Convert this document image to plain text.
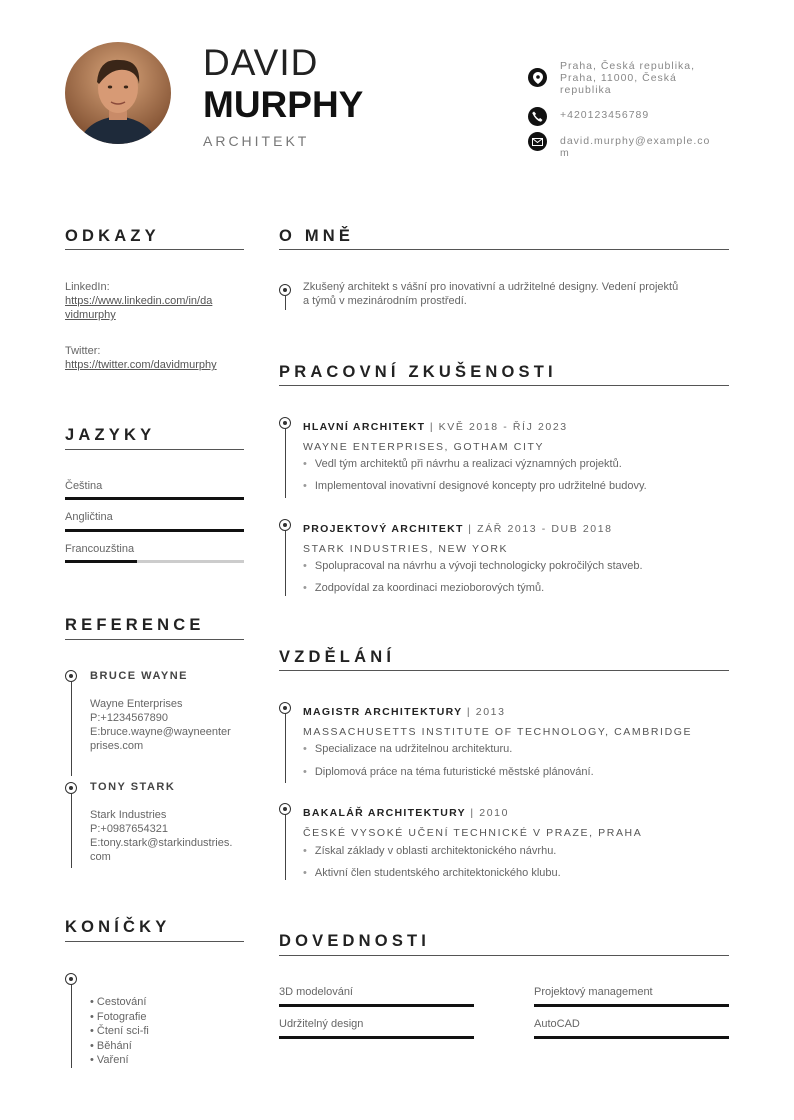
DAVID
MURPHY
ARCHITEKT
Praha, Česká republika,
Praha, 11000, Česká
republika
+420123456789
david.murphy@example.co
m
ODKAZY
LinkedIn:
https://www.linkedin.com/in/da
vidmurphy
Twitter:
https://twitter.com/davidmurphy
JAZYKY
Čeština
Angličtina
Francouzština
REFERENCE
BRUCE WAYNE
Wayne Enterprises
P:+1234567890
E:bruce.wayne@wayneenter
prises.com
TONY STARK
Stark Industries
P:+0987654321
E:tony.stark@starkindustries.
com
KONÍČKY
• Cestování
• Fotografie
• Čtení sci-fi
• Běhání
• Vaření
O MNĚ
Zkušený architekt s vášní pro inovativní a udržitelné designy. Vedení projektů
a týmů v mezinárodním prostředí.
PRACOVNÍ ZKUŠENOSTI
HLAVNÍ ARCHITEKT | KVĚ 2018 - ŘÍJ 2023
WAYNE ENTERPRISES, GOTHAM CITY
• Vedl tým architektů při návrhu a realizaci významných projektů.
• Implementoval inovativní designové koncepty pro udržitelné budovy.
PROJEKTOVÝ ARCHITEKT | ZÁŘ 2013 - DUB 2018
STARK INDUSTRIES, NEW YORK
• Spolupracoval na návrhu a vývoji technologicky pokročilých staveb.
• Zodpovídal za koordinaci mezioborových týmů.
VZDĚLÁNÍ
MAGISTR ARCHITEKTURY | 2013
MASSACHUSETTS INSTITUTE OF TECHNOLOGY, CAMBRIDGE
• Specializace na udržitelnou architekturu.
• Diplomová práce na téma futuristické městské plánování.
BAKALÁŘ ARCHITEKTURY | 2010
ČESKÉ VYSOKÉ UČENÍ TECHNICKÉ V PRAZE, PRAHA
• Získal základy v oblasti architektonického návrhu.
• Aktivní člen studentského architektonického klubu.
DOVEDNOSTI
3D modelování	Projektový management
Udržitelný design	AutoCAD
